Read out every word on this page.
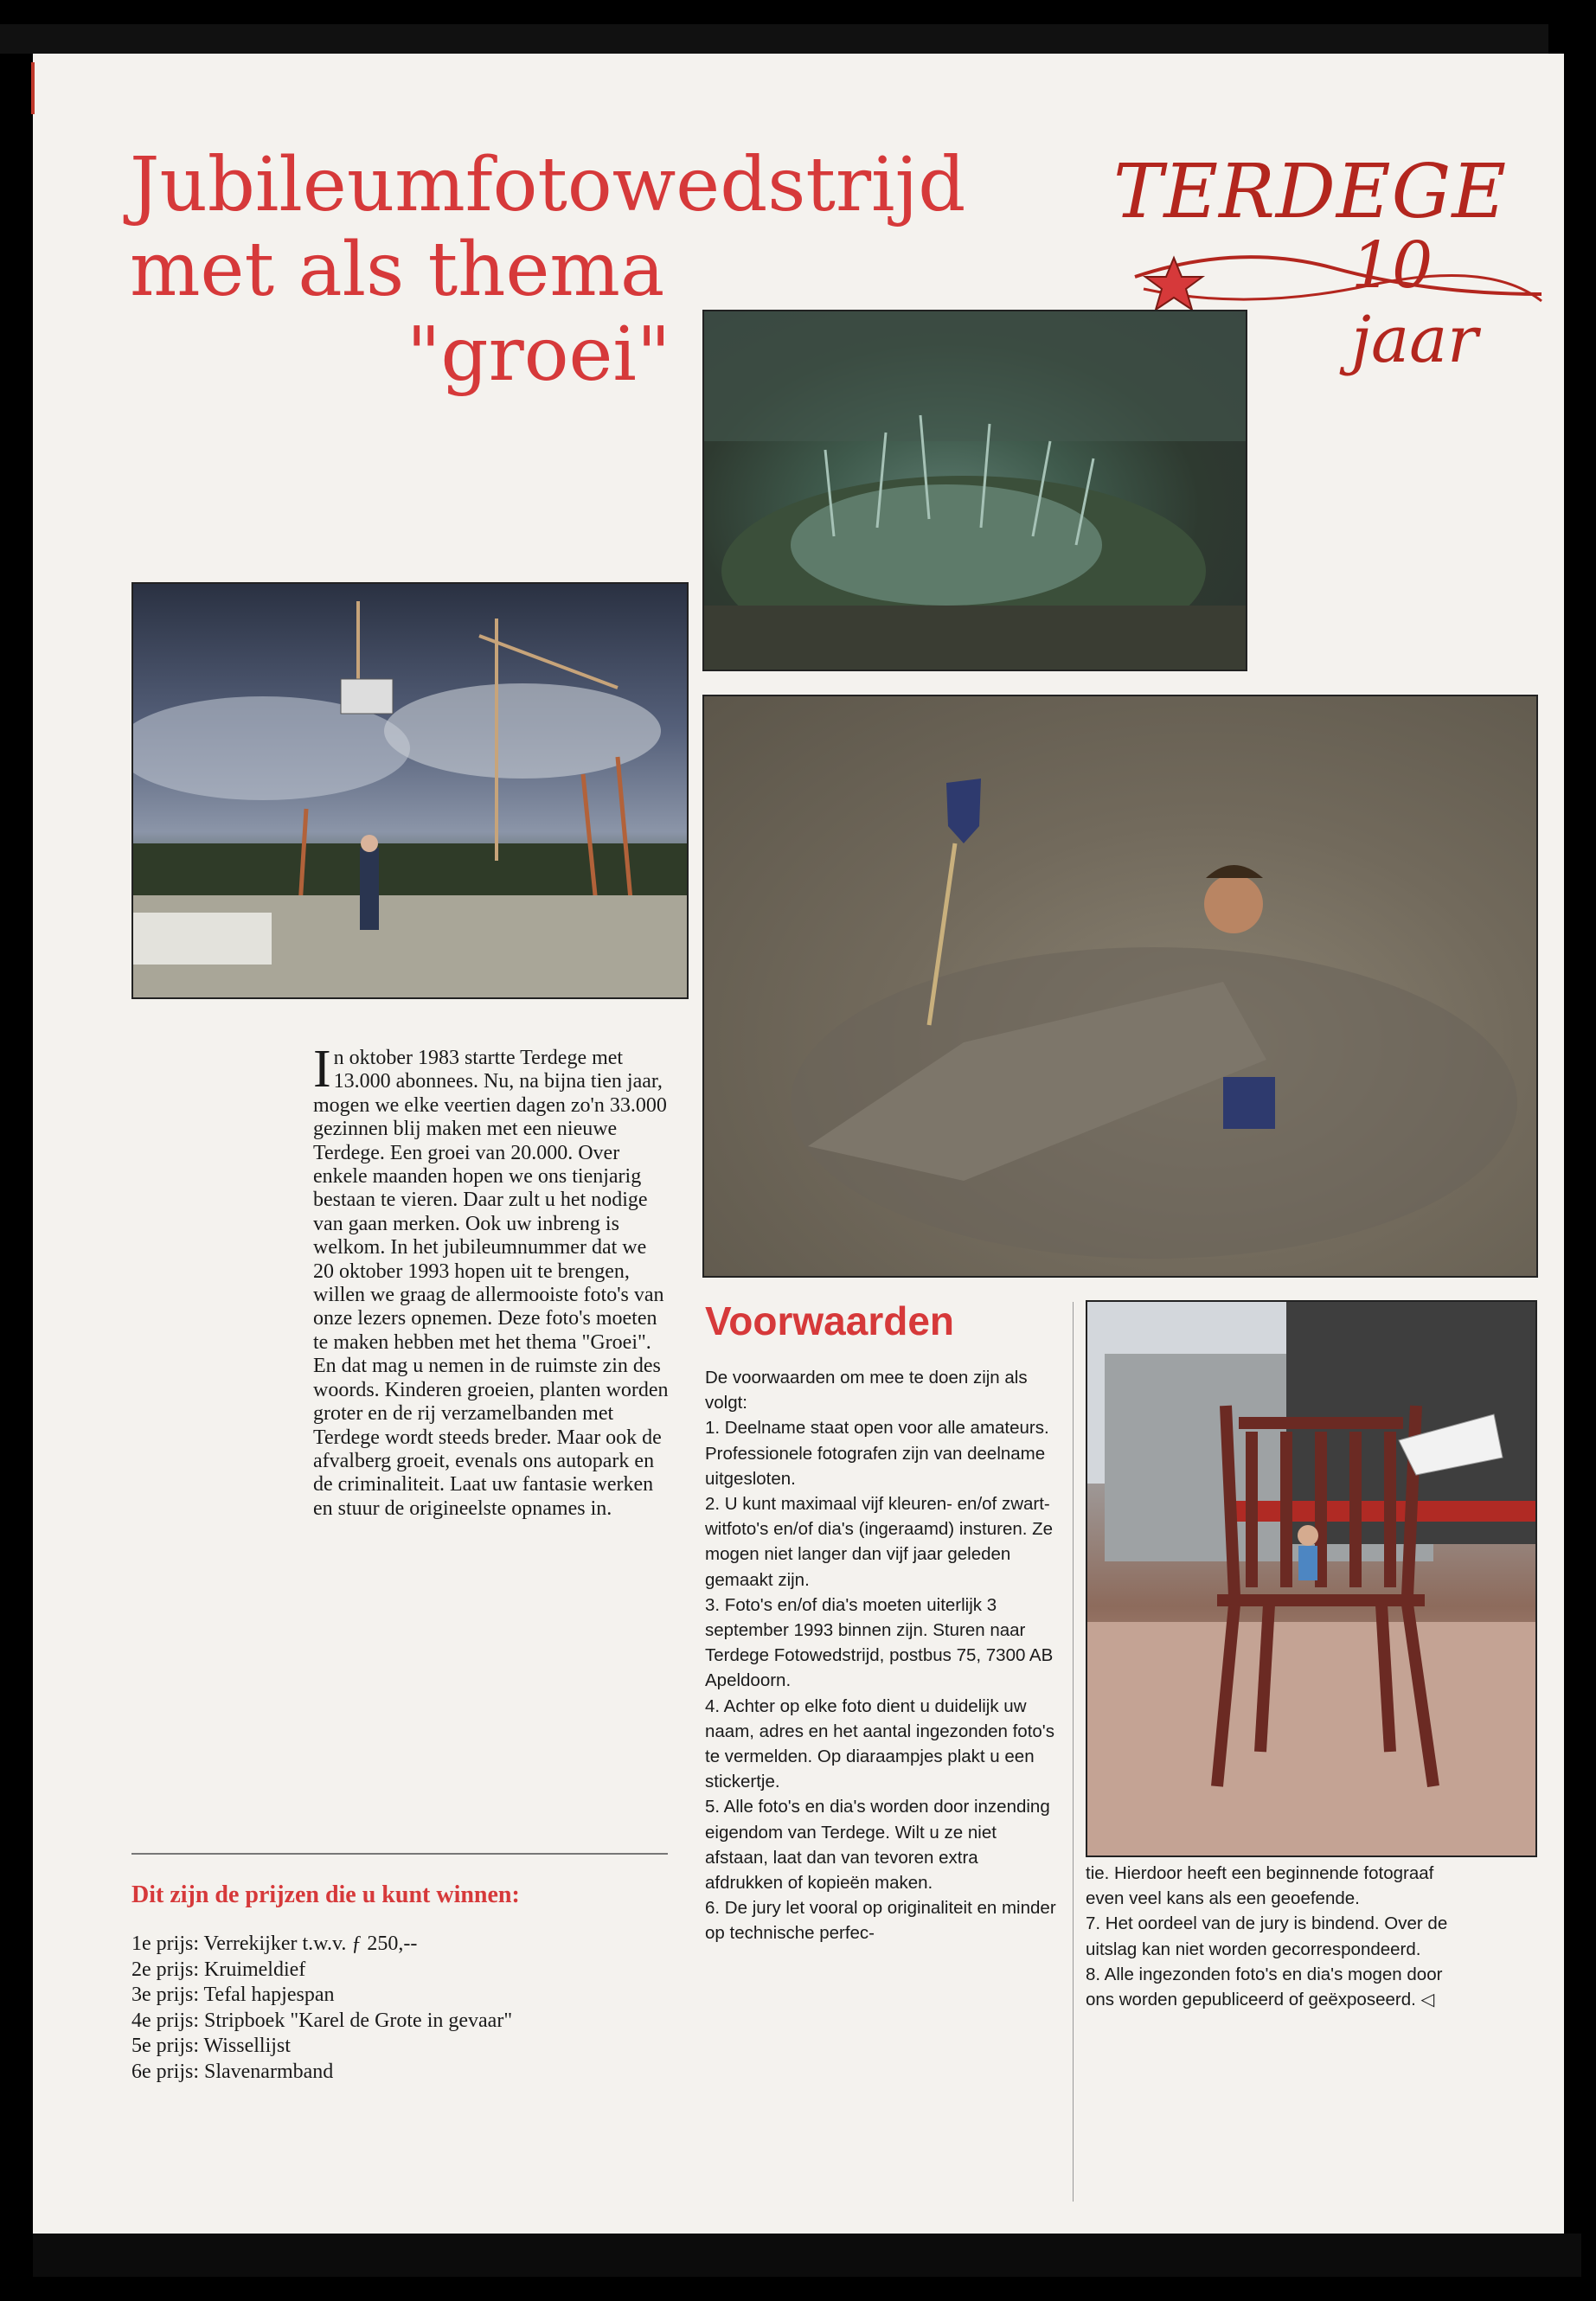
Jubileumfotowedstrijd
met als thema
"groei"
TERDEGE
10 jaar
In oktober 1983 startte Terdege met 13.000 abonnees. Nu, na bijna tien jaar, mogen we elke veertien dagen zo'n 33.000 gezinnen blij maken met een nieuwe Terdege. Een groei van 20.000. Over enkele maanden hopen we ons tienjarig bestaan te vieren. Daar zult u het nodige van gaan merken. Ook uw inbreng is welkom. In het jubileumnummer dat we 20 oktober 1993 hopen uit te brengen, willen we graag de allermooiste foto's van onze lezers opnemen. Deze foto's moeten te maken hebben met het thema "Groei". En dat mag u nemen in de ruimste zin des woords. Kinderen groeien, planten worden groter en de rij verzamelbanden met Terdege wordt steeds breder. Maar ook de afvalberg groeit, evenals ons autopark en de criminaliteit. Laat uw fantasie werken en stuur de origineelste opnames in.
Dit zijn de prijzen die u kunt winnen:
1e prijs: Verrekijker t.w.v. ƒ 250,--
2e prijs: Kruimeldief
3e prijs: Tefal hapjespan
4e prijs: Stripboek "Karel de Grote in gevaar"
5e prijs: Wissellijst
6e prijs: Slavenarmband
Voorwaarden

De voorwaarden om mee te doen zijn als volgt:

1. Deelname staat open voor alle amateurs. Professionele fotografen zijn van deelname uitgesloten.

2. U kunt maximaal vijf kleuren- en/of zwart-witfoto's en/of dia's (ingeraamd) insturen. Ze mogen niet langer dan vijf jaar geleden gemaakt zijn.

3. Foto's en/of dia's moeten uiterlijk 3 september 1993 binnen zijn. Sturen naar Terdege Fotowedstrijd, postbus 75, 7300 AB Apeldoorn.

4. Achter op elke foto dient u duidelijk uw naam, adres en het aantal ingezonden foto's te vermelden. Op diaraampjes plakt u een stickertje.

5. Alle foto's en dia's worden door inzending eigendom van Terdege. Wilt u ze niet afstaan, laat dan van tevoren extra afdrukken of kopieën maken.

6. De jury let vooral op originaliteit en minder op technische perfec-

tie. Hierdoor heeft een beginnende fotograaf even veel kans als een geoefende.

7. Het oordeel van de jury is bindend. Over de uitslag kan niet worden gecorrespondeerd.

8. Alle ingezonden foto's en dia's mogen door ons worden gepubliceerd of geëxposeerd. ◁
